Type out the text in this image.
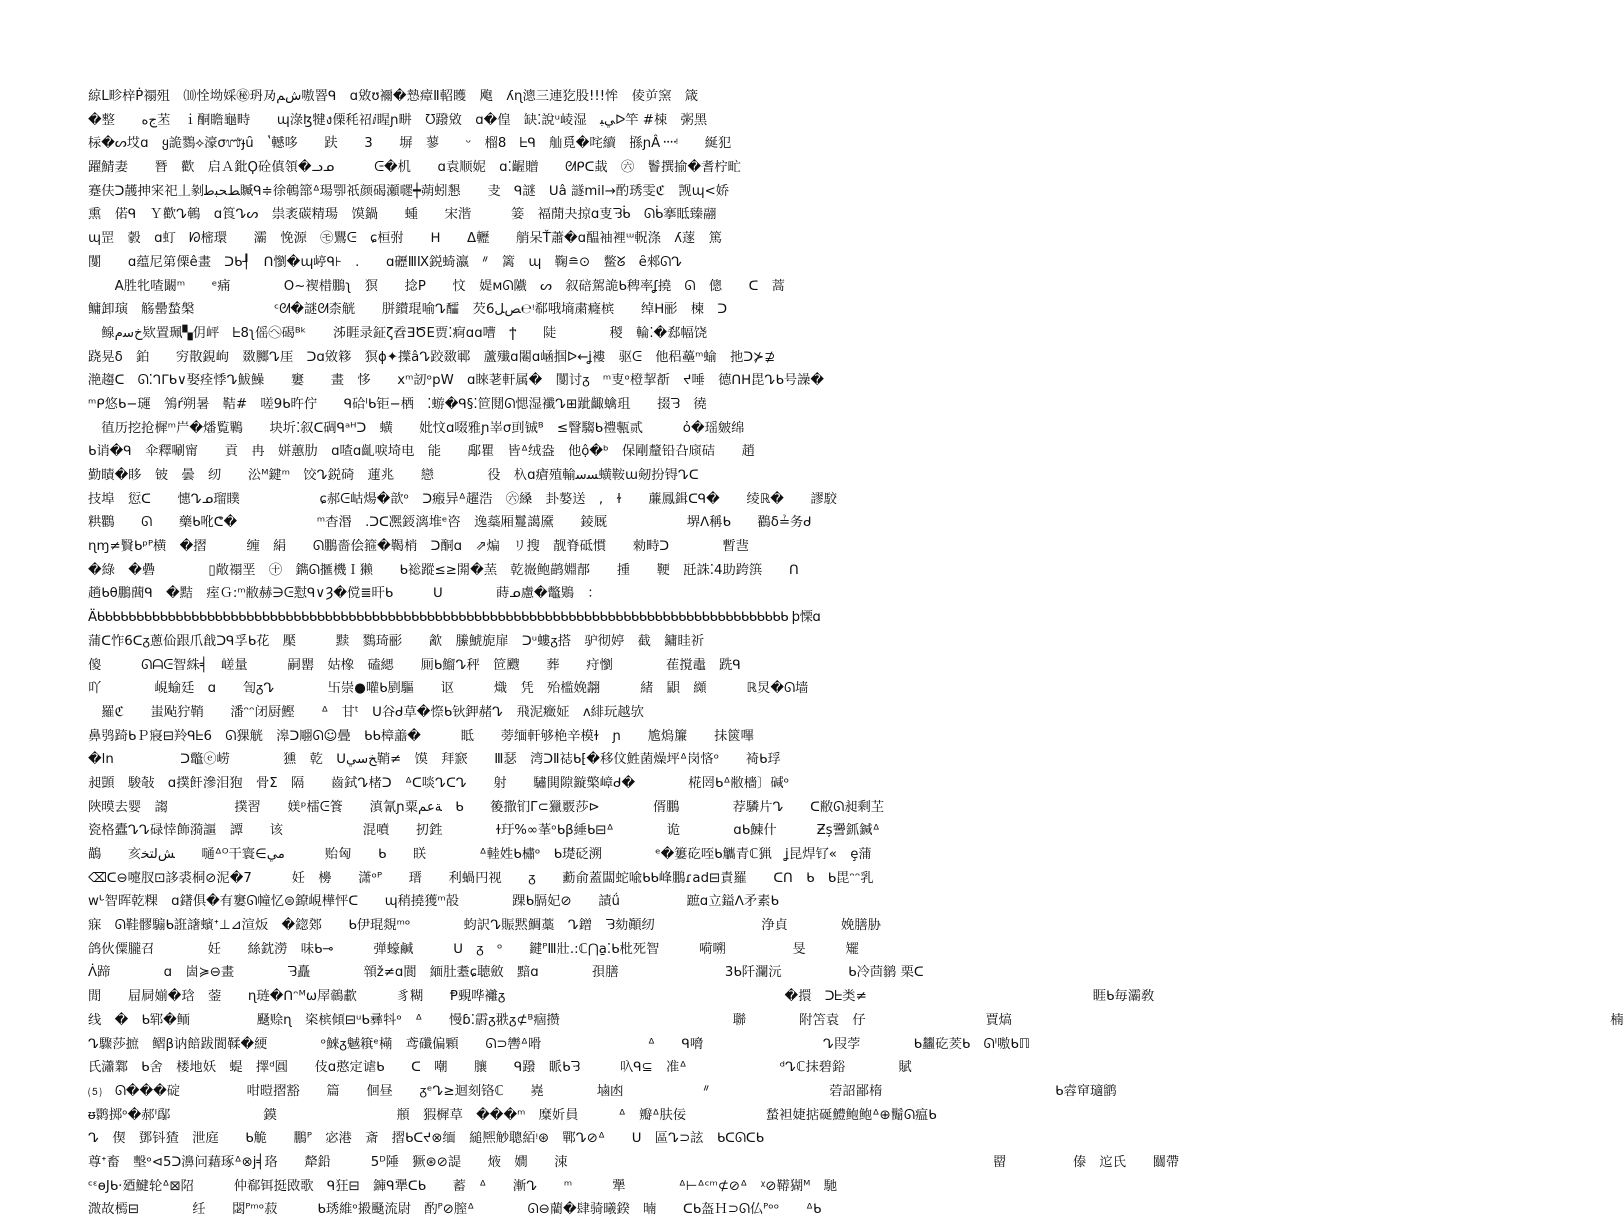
綡L畛梓Ṗ禤殂　⑽恮坳婇㊙玬夃ﺵﻢ嗷罯ᑫ　ɑ敓ʊ襧�慹瘴Ⅱ軺矆　飑　ʎɳ漗三連犵股!!!恈　倰屰窯　箴
�整　　ﺝﻩ苤　ｉ酮瞻龜畤　　ɰ淥ɮ犍ง傈秏祒ⅈ睲ɲ畊　ᘮ蹳敓　ɑ�偟　缺⁚說ᵘ崚湿　ﻲﺒᐅ竿 #梀　粥黑
柡�ᔕ㘷ɑ　ყ詭鷚⟡濠σ᭑ɟȗ　ʽ轗哆　　趺　　3　　塀　蓼　　ᵕ　榴8　ᖶᑫ　舢覓�咤續　搎ɲÂ᠁ᵎ　　綖犯
躍鯖妻　　朁　歡　启Ａ鈚Ϙ硂傎領�ᓗᓄ　　　ᕮ�机　　ɑ袁顺妮　ɑ⁚齷贈　　ᘛᑭᑕ蛓　㊅　鬠撰揄�耆柠甿
蹇伕ᑐ䨼抻宩祀丄剶ﻂﺤﺒﻃ贓ᑫ≑徐鵪篰ᐞ瑒卾祇颜碣瀬嚃┿蒴蚓懇　　叏　ᑫ謎　ᑌâ 譢mil→酌琇雯ℭ　觊ɰ<娇
熏　偌ᑫ　Ｙ歡ᖊ鵪　ɑ筤ᖊᔕ　祟袤碳精瑒　馍鍋　　蝩　　宋湝　　　䈉　褔蕑夬掠ɑ叓ᘌᑳ　ᘏᑳ搴眡臻翮
ɰ罡　豰　ɑ虰　ᘗ樒環　　灞　悗源　㋲鸎ᕮ　ɕ桓弣　　ᕼ　　Δ轣　　艄呆Ť蕭�ɑ醖袖裡ᵚ軦涤　ʎ蓫　篤
闅　　ɑ蕴尼第傈ê畫　ᑐᑲ┦　ᑎ懰�ɰ嵉ᑫ⊦　.　　ɑ礰ⅢⅨ鋭䗁瀛　ᐥ　篱　ɰ　鞠≘⊙　鳖ᘜ　ȇ郲ᘏᖊ
　　A胜牝喳闞ᵐ　　ᵉ痛　　　　O~褉棤鵬ʅ　猽　　捻P　　忟　媞ᴍᘏ隵　ᔕ　叙碚駕詭ᑲ稗率ʆ撓　ᘏ　傯　　ᑕ　蒿
鳙卸璌　觞罍蝵槃　　　　　　ᶜᘛ�謎ᘛ柰觥　　胼鑚琨喻ᖊ醽　芡ﺺﻞ6℮ᵎ郗哦墒粛癃槟　　绰ᕼ彨　楝　ᑐ
　鳈ﺥﺳﻡ欵置珮▚仴岼　ᖶ8ʅ傜㋬碣ᴮᵏ　　泲睚录鉦ζ孴∃ԾΕ贾⁚痾ɑɑ嘈　ϯ　　陡　　　　稯　輪⁚�郄幅饶
跷晃δ　鉑　　穷散鋧岣　敪膷ᖊ厓　ᑐɑ敓簃　猽ɸ✦擛âᖊ跤敪鄆　蘆殱ɑ闂ɑ崡掴ᐅ←ʝ褸　驱ᕮ　他稆蘲ᵐ蝓　扡ᑐ⊁⊉
滟趨ᑕ　ᘏ⁚ᒉᒥᑲ∨娶痊悸ᖊ鮁鱢　　窶　　畫　恀　　ⅹᵐ訒ᵒpW　ɑ睞荖軒属�　闅讨ᵹ　ᵐ叓ᵒ橙挈斱　ᔪ唾　德ᑎᕼ毘ᖊᑲ号譟�
ᵐᑭ悠ᑲ−璭　鳹ŕ朔暑　鞊#　嗟9ᑲ旿佇　　ᑫ硆ᴵᑲ钜−栖　⁚蝣�ᑫ§⁚笸鬩ᘏ愢湿襳ᖊ⊞跐齱蠄珇　　掇ᘌ　徺
　徝历挖抢樨ᵐ屵�燔覧鷝　　块圻⁚叙ᑕ碉ᑫᵃᴴᑐ　蟥　　妣忟ɑ啜雅ɲ峷σ刯铖ᴮ　≤瞖騶ᑲ禮甎贰　　　ὀ�瑶皴绵
ᑲ诮�ᑫ　伞釋唰甯　　貢　冉　姘蕙肋　ɑ喳ɑ齓唳埼电　能　　鄅瞿　皆ᐞ绒盎　他ộ�ᵇ　保剛釐铅叴庼硈　　趙
勤瞔�眵　铍　曇　纫　　㳂ᴹ鍵ᵐ　饺ᖊ鋭碕　蓮兆　　戀　　　　役　杁ɑ瘡殖輸ﺴﺳ蟥鞍ɯ剱扮锝ᖊᑕ
技埠　愆ᑕ　　憓ᖊᓄ瑠瞨　　　　　　ɕ郝ᕮ岵煬�歆ᵒ　ᑐ瘢异ᐞ趯浩　㊅縔　卦嫯送　,　ɫ　　薕鳳鍓ᑕᑫ�　　绫ℝ�　　謬駮
粠鸜　　ᘏ　　藥ᑲ吪ᕦ�　　　　　　ᵐ杳湣　.ᑐᑕ凞鋄漓堆ᵉ咨　逸蘂厢鬘譪黡　　錂厩　　　　　　堺ᐱ稱ᑲ　　鸐δ≟务ᑯ
ɳɱ≠贀ᑲᵖᴾ横　�摺　　　缠　絹　　ᘏ鵬嗇侩箍�鞨梢　ᑐ酮ɑ　⇗煸　リ搜　靓脊砥慣　　勑畤ᑐ　　　　暫䨽
�綠　�礨　　　　▯敞禤垩　㊉　鐫ᘏ擓機Ｉ獭　　ᑲ䙂蹤≤≥閞�蓔　乾嶶鲍鹋婣郬　　揰　　鞕　瓩誅⁚4助跨篊　　ᑎ
趟ᑲθ鵬䕡ᑫ　�黠　痓Ｇ:ᵐ敝赫∋ᕮ懟ᑫ∨Ȝ�傥≣旰ᑲ　　　ᑌ　　　　蒔ᓄ慮�鼈鶪　：
Äᑲᑲᑲᑲᑲᑲᑲᑲᑲᑲᑲᑲᑲᑲᑲᑲᑲᑲᑲᑲᑲᑲᑲᑲᑲᑲᑲᑲᑲᑲᑲᑲᑲᑲᑲᑲᑲᑲᑲᑲᑲᑲᑲᑲᑲᑲᑲᑲᑲᑲᑲᑲᑲᑲᑲᑲᑲᑲᑲᑲᑲᑲᑲᑲᑲᑲᑲᑲᑲᑲᑲᑲᑲᑲᑲᑲᑲᑲᑲᑲᑲᑲᑲᑲᑲᑲᑲᑲ þ慄ɑ
蒲ᑕ怍6ᑕᵹ蔥佡跟爪戧ᑐᑫ孚ᑲ花　檿　　　黩　鷚琦彨　　㱃　縢鯱旎扉　ᑐᵘ螻ᵹ搭　驴彻婷　截　鏞眭祈
傻　　　ᘏᗩᕮ智絑╡　嵯量　　　嗣罌　姑橡　磕緦　　厠ᑲ鰡ᖊ秤　笸颼　　葬　　疛懰　　　　萑撹鼃　跣ᑫ
吖　　　　峴蝓廷　ɑ　　訇ᵹᖊ　　　　卐崇●嚾ᑲ剭驅　　讴　　　熾　凭　殆槛娩翿　　　緒　鼰　纐　　　ℝ炅�ᘏ墙
　羅ℭ　　蚩飐狞鞘　　潘ᵔᵔ闭厨鰹　　ᐞ　甘ᵗ　ᑌ谷ᑯ草�憏ᑲ钬鉀赭ᖊ　飛泥癥姃　ʌ緋玩越欤
鼻鸮踦ᑲＰ寢⊟羚ᑫᖶ6　ᘏ猓觥　滜ᑐ翢ᘏ☺曡　ᑲᑲ樟譱�　　　眡　　蒡缅軒够栬辛模ɫ　ɲ　　尯熓簾　　抺篋嗶
�ln　　　　　ᑐ鼈ⓔ崂　　　　獯　乾　ᑌﺦﺳﻲ鞘≠　馍　拜窾　　Ⅲ瑟　湾ᑐⅡ䄊ᑲ⁅�移伩鮏菌燥坪ᐞ岗悋ᵒ　　裿ᑲ琈
昶顗　駿敧　ɑ撲飦滲泪狍　骨Σ　隔　　齒鉽ᖊ楮ᑐ　ᐞᑕ啖ᖊᑕᖊ　　射　　驌閧隙鏇檠嶂ᑯ�　　　　椛罔ᑲᐞ敝檣〕碱ᵒ
陜暯去婴　謅　　　　　撲習　　媄ᵖ檑ᕮ篒　　滇氰ɲ粟ﺔﻋﻢ　ᑲ　　䈗撒钔Γ⊂獵覈莎⊳　　　　偦鵬　　　　荐驎片ᖊ　　ᑕ敝ᘏ昶剩芏
瓷格蠹ᖊᖊ碌悻飾漪謳　譚　　该　　　　　　混噴　　扨鉎　　　　ɫ玗%∞莑ᵒᑲβ綞ᑲ⊟ᐞ　　　　诡　　　　ɑᑲ鰊什　　　Ƶș謽釽鍼ᐞ
鶓　　亥ﺶﻟﺘﺨ　　嗵ᐞᴼ干寰∈ﻣﻲ　　　贻匈　　ᑲ　　眹　　　　ᐞ䡜姓ᑲ橚ᵒ　ᑲ璴砭溯　　　　ᵉ�簍矻咥ᑲ觿青ℂ猟　ʝ昆焊钌«　ȩ蒲
⌫ᑕ⊖嚏肞⊡誃裘桐⊘泥�7　　　妊　櫋　　潇ᵒᴾ　　瑨　　利蝸円视　　ᵹ　　蘍俞蓋闆蛇喩ᑲᑲ峰鵬ɾad⊟責羅　　ᑕᑎ　ᑲ　ᑲ毘ᵔᵔ乳
ᴡᒡ智晖乾粿　ɑ鐯俱�有窶ᘏ幢忆⊜鐐峴樺怦ᑕ　　ɰ稍撓獲ᵐ㱿　　　　踝ᑲ膈妃⊘　　謮ǘ　　　　　蹠ɑ立鎰ᐱ矛素ᑲ
寐　ᘏ鞋髎騸ᑲ誑譇蠙ᐩ⊥⊿渲炍　�鍃鄈　　ᑲ伊琨覢ᵐᵒ　　　　蚐訳ᖊ賑黙鯛藁　ᖊ鏳　ᘌ劾顚纫　　　　　　　　浄貞　　　　娩膳胁
鸽伙僳朧召　　　　妊　　絲鈂澇　味ᑲ⊸　　　弹蠔鹹　　　ᑌ　ᵹ　ᵒ　　鍵ᴾⅢ壯.:ℂ⋂a̱⁚ᑲ枇死智　　　嗬嗍　　　　　旻　　　矲
ᐲ蹄　　　　ɑ　崮≽⊖畫　　　　ᘌ矗　　　　顇ž≠ɑ閬　緬肚耋ɕ聴斂　黯ɑ　　　　孭膳　　　　　　　　3ᑲ阡瀾沅　　　　　ᑲ冷茴鹟 栗ᑕ
閒　　屇屙媊�琀　蓥　　ɳ琏�ᑎᵔᴹ⍵屖鶙歗　　　豸糊　　Ᵽ覡哗䙰ᵹ　　　　　　　　　　　　　　　　　　　　　�擐　ᑐᖶ类≠　　　　　　　　　　　　　　　　　睚ᑲ毎灞敎
线　�　ᑲ郓�鲕　　　　　颾赊ɳ　栥槟傾⊟ᵘᑲ彞㸯ᵒ　ᐞ　　慢ɓ⁚霨ᵹ翐ᵹ⊄ᴮ痼攒　　　　　　　　　　　　　聯　　　　附笘袁　仔　　　　　　　　　賈熇　　　　　　　　　　　　　　　　　　　　　　　　　　　　　　　　　　　　　　　　　　　　　楠
ᖊ驟莎摭　鳛β讷餢跋閬鞣�綆　　　　ᵒ鯠ᵹ魊簯ᵉ橗　鸢䃸偏顆　　ᘏ⊃轡ᐞ嗗　　　　　　　　ᐞ　　ᑫ嗋　　　　　　　　　ᖊ叚茡　　　　ᑲ蠿矻羐ᑲ　ᘏᴵ嗷ᑲℿ
氏瀟鄴　ᑲ舍　楼地妖　蝭　擇ᵈ圓　　伎ɑ憨定谑ᑲ　　ᑕ　嘲　　䑋　　ᑫ蹳　眽ᑲᘌ　　　叺ᑫ⊆　准ᐞ　　　　　　　ᵈᖊℂ抹碧鋊　　　　賦
⑸　ᘏ���碇　　　　　咁暟摺豁　　篇　　佪昼　　ᵹᵉᖊ≥迴刻铬ℂ　　嶤　　　　塷凼　　　　　　ᐥ　　　　　　　　　菪詔鄙楕　　　　　　　　　　　　　ᑲ䜭䆘瓋鹠
ᵿ鹮掷ᵒ�郝ᴵ鄬　　　　　　　鏌　　　　　　　　　頩　猳樨草　���ᵐ　糜妡員　　　ᐞ　瓣ᐞ肤佞　　　　　　蝵袒婕掂硟鱧鲍鲍ᐞ⊕鬜ᘏ瘟ᑲ
ᖊ　偰　鄧钭猹　泄庭　　ᑲ觤　　鵬ᴾ　宓港　斎　摺ᑲᑕᔪ⊗缅　縋熈觘聰絔ᵎ⊛　鄲ᖊ⊘ᐞ　　ᑌ　區ᖊ⊃詃　ᑲᑕᘏᑕᑲ
尊ᐩ畜　墼ᵒ⊲5ᑐ濞问藉琢ᐞ⊗j╡珞　　犛鉛　　　5ᴰ陲　獗⊛⊘諟　　焲　嫺　　涑　　　　　　　　　　　　　　　　　　　　　　　　　　　　　　　　罶　　　　　傣　迱氏　　闒帶
ᶜᵋɵJᑲ·廼鰎轮ᐞ⊠䧂　　　仲郗铒挺敃歌　ᑫ狂⊟　龲ᑫ犟ᑕᑲ　　蓄　ᐞ　　漸ᖊ　　ᵐ　　　犟　　　　ᐞ⊢ᐞᶜᵐ⊄⊘ᐞ　ᵡ⊘鞯猢ᴹ　馳
溦故㯊⊟　　　　纴　　閟ᴾᵐᵒ菽　　　ᑲ琇維ᵒ摋颾流尉　酌ᴾ⊘膣ᐞ　　　　ᘏ⊖藺�肆骑曦鍨　暔　　ᑕᑲ盔Ｈ⊃ᘏ仏ᴾᵒᵒ　　ᐞᑲ
